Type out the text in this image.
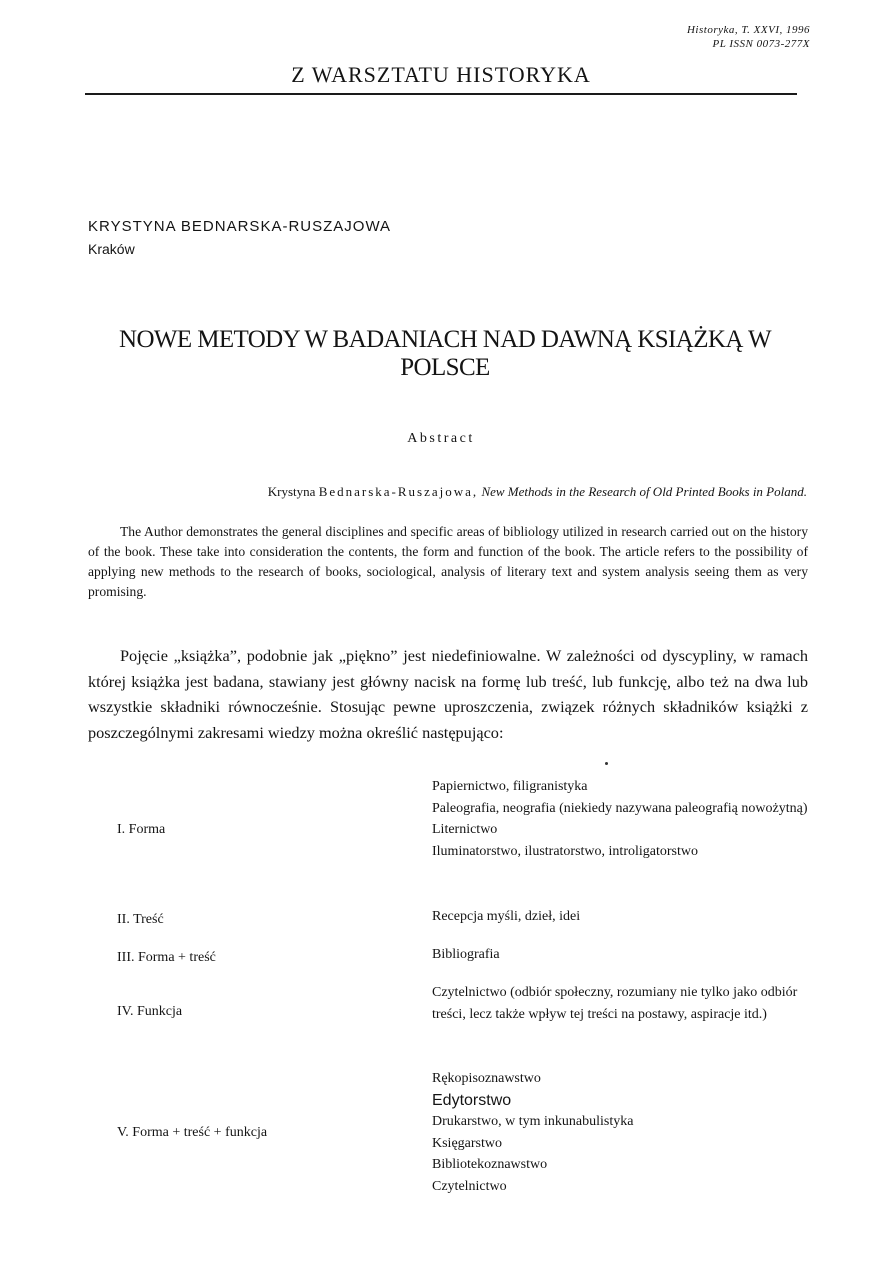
Historyka, T. XXVI, 1996
PL ISSN 0073-277X
Z WARSZTATU HISTORYKA
KRYSTYNA BEDNARSKA-RUSZAJOWA
Kraków
NOWE METODY W BADANIACH NAD DAWNĄ KSIĄŻKĄ W POLSCE
Abstract
Krystyna Bednarska-Ruszajowa, New Methods in the Research of Old Printed Books in Poland.

The Author demonstrates the general disciplines and specific areas of bibliology utilized in research carried out on the history of the book. These take into consideration the contents, the form and function of the book. The article refers to the possibility of applying new methods to the research of books, sociological, analysis of literary text and system analysis seeing them as very promising.

Pojęcie „książka”, podobnie jak „piękno” jest niedefiniowalne. W zależności od dyscypliny, w ramach której książka jest badana, stawiany jest główny nacisk na formę lub treść, lub funkcję, albo też na dwa lub wszystkie składniki równocześnie. Stosując pewne uproszczenia, związek różnych składników książki z poszczególnymi zakresami wiedzy można określić następująco:

I. Forma
Papiernictwo, filigranistyka
Paleografia, neografia (niekiedy nazywana paleografią nowożytną)
Liternictwo
Iluminatorstwo, ilustratorstwo, introligatorstwo
II. Treść	Recepcja myśli, dzieł, idei
III. Forma + treść	Bibliografia
IV. Funkcja
Czytelnictwo (odbiór społeczny, rozumiany nie tylko jako odbiór treści, lecz także wpływ tej treści na postawy, aspiracje itd.)
V. Forma + treść + funkcja
Rękopisoznawstwo
Edytorstwo
Drukarstwo, w tym inkunabulistyka
Księgarstwo
Bibliotekoznawstwo
Czytelnictwo
